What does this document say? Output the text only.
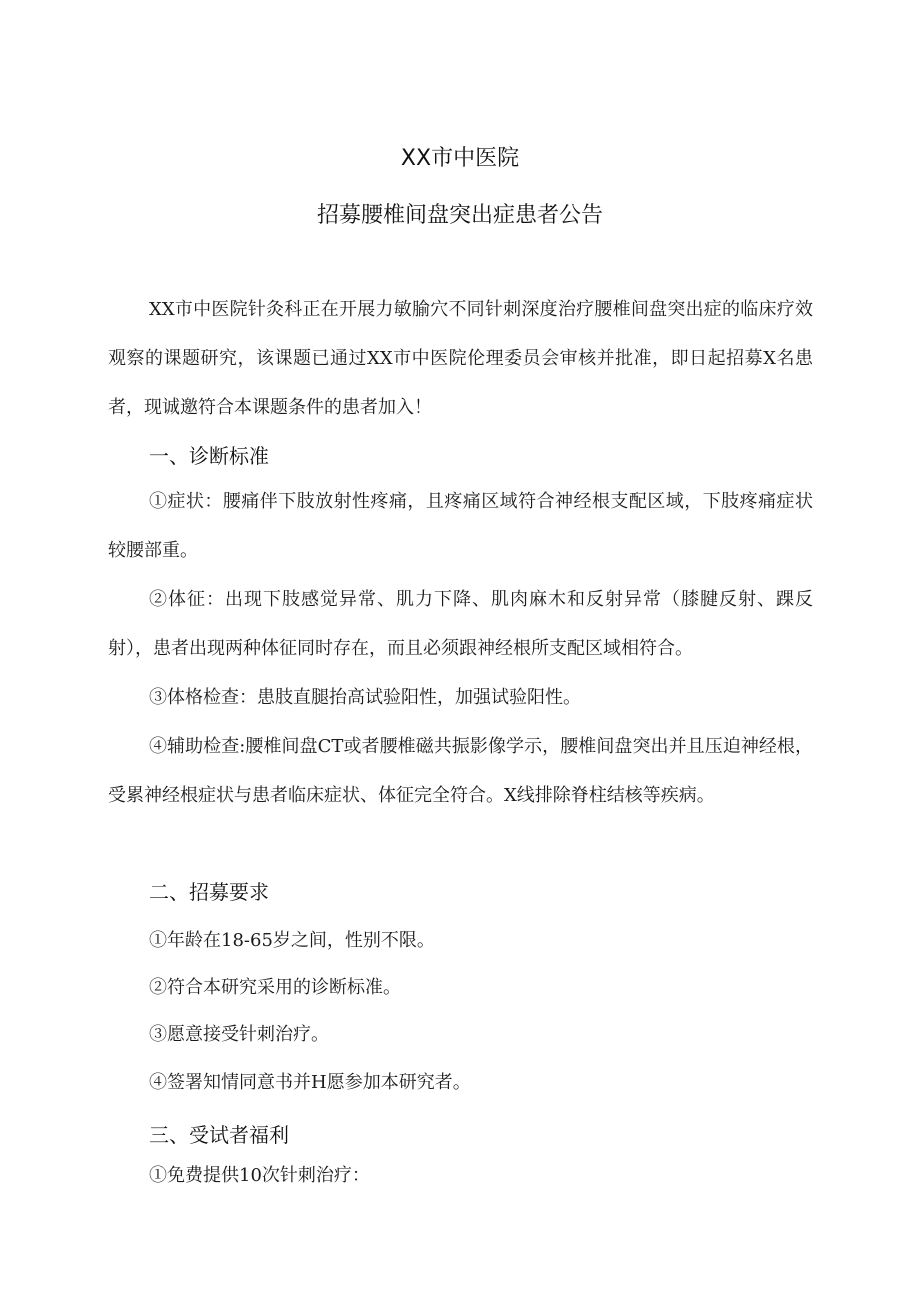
XX市中医院
招募腰椎间盘突出症患者公告
XX市中医院针灸科正在开展力敏腧穴不同针刺深度治疗腰椎间盘突出症的临床疗效观察的课题研究，该课题已通过XX市中医院伦理委员会审核并批准，即日起招募X名患者，现诚邀符合本课题条件的患者加入！
一、诊断标准
①症状：腰痛伴下肢放射性疼痛，且疼痛区域符合神经根支配区域，下肢疼痛症状较腰部重。
②体征：出现下肢感觉异常、肌力下降、肌肉麻木和反射异常（膝腱反射、踝反射），患者出现两种体征同时存在，而且必须跟神经根所支配区域相符合。
③体格检查：患肢直腿抬高试验阳性，加强试验阳性。
④辅助检查:腰椎间盘CT或者腰椎磁共振影像学示，腰椎间盘突出并且压迫神经根，受累神经根症状与患者临床症状、体征完全符合。X线排除脊柱结核等疾病。
二、招募要求
①年龄在18-65岁之间，性别不限。
②符合本研究采用的诊断标准。
③愿意接受针刺治疗。
④签署知情同意书并H愿参加本研究者。
三、受试者福利
①免费提供10次针刺治疗：
